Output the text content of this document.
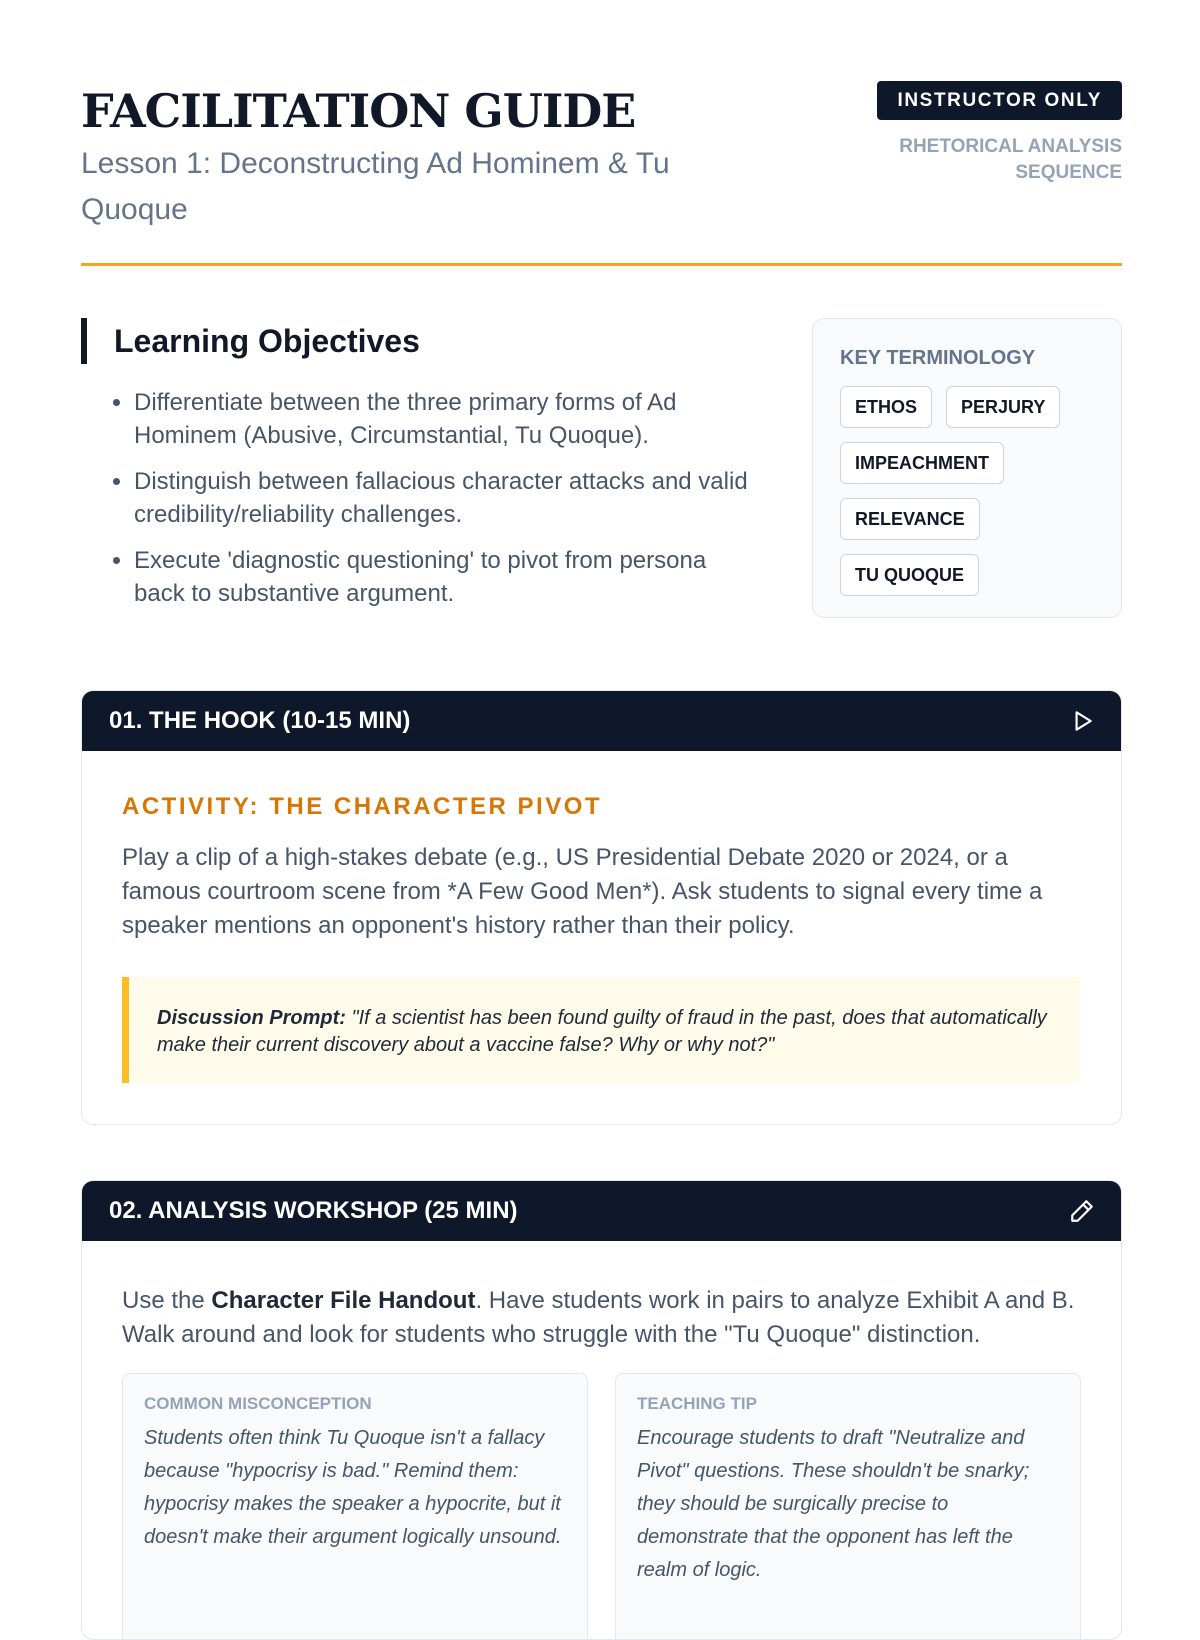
FACILITATION GUIDE

Lesson 1: Deconstructing Ad Hominem & Tu Quoque

INSTRUCTOR ONLY
RHETORICAL ANALYSIS SEQUENCE
Learning Objectives
• Differentiate between the three primary forms of Ad Hominem (Abusive, Circumstantial, Tu Quoque).
• Distinguish between fallacious character attacks and valid credibility/reliability challenges.
• Execute 'diagnostic questioning' to pivot from persona back to substantive argument.
KEY TERMINOLOGY
ETHOS	PERJURY
IMPEACHMENT
RELEVANCE
TU QUOQUE
01. THE HOOK (10-15 MIN)
ACTIVITY: THE CHARACTER PIVOT

Play a clip of a high-stakes debate (e.g., US Presidential Debate 2020 or 2024, or a famous courtroom scene from *A Few Good Men*). Ask students to signal every time a speaker mentions an opponent's history rather than their policy.

Discussion Prompt: "If a scientist has been found guilty of fraud in the past, does that automatically make their current discovery about a vaccine false? Why or why not?"
02. ANALYSIS WORKSHOP (25 MIN)

Use the Character File Handout. Have students work in pairs to analyze Exhibit A and B. Walk around and look for students who struggle with the "Tu Quoque" distinction.

COMMON MISCONCEPTION

Students often think Tu Quoque isn't a fallacy because "hypocrisy is bad." Remind them: hypocrisy makes the speaker a hypocrite, but it doesn't make their argument logically unsound.

TEACHING TIP

Encourage students to draft "Neutralize and Pivot" questions. These shouldn't be snarky; they should be surgically precise to demonstrate that the opponent has left the realm of logic.
